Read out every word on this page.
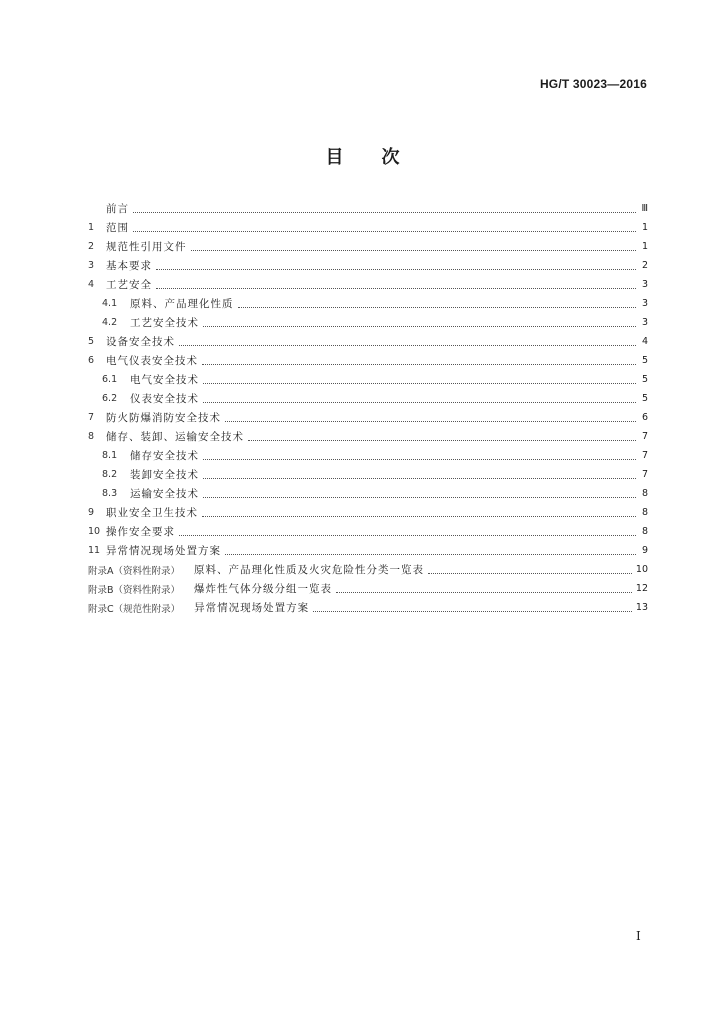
HG/T 30023—2016
目 次
前言	Ⅲ
1	范围	1
2	规范性引用文件	1
3	基本要求	2
4	工艺安全	3
4.1	原料、产品理化性质	3
4.2	工艺安全技术	3
5	设备安全技术	4
6	电气仪表安全技术	5
6.1	电气安全技术	5
6.2	仪表安全技术	5
7	防火防爆消防安全技术	6
8	储存、装卸、运输安全技术	7
8.1	储存安全技术	7
8.2	装卸安全技术	7
8.3	运输安全技术	8
9	职业安全卫生技术	8
10 操作安全要求	8
11 异常情况现场处置方案	9
附录A（资料性附录） 原料、产品理化性质及火灾危险性分类一览表	10
附录B（资料性附录） 爆炸性气体分级分组一览表	12
附录C（规范性附录） 异常情况现场处置方案	13
Ⅰ
